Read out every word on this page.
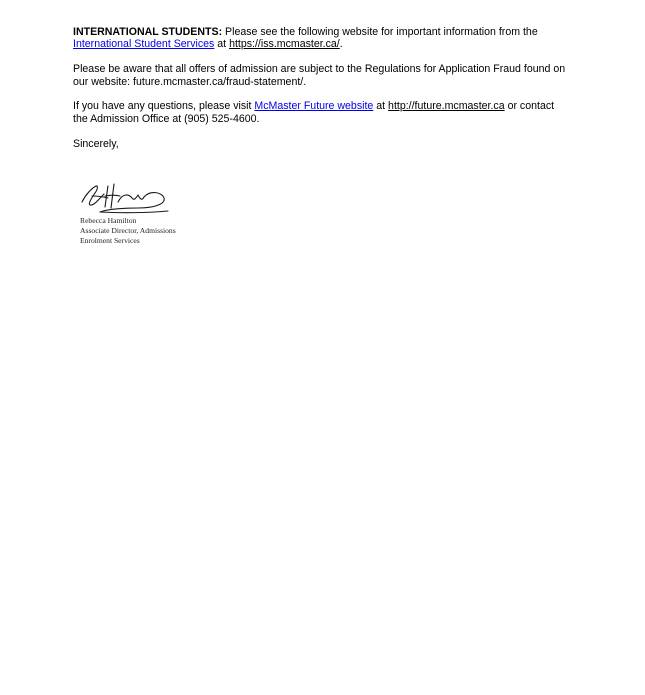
INTERNATIONAL STUDENTS: Please see the following website for important information from the
International Student Services at https://iss.mcmaster.ca/.

Please be aware that all offers of admission are subject to the Regulations for Application Fraud found on
our website: future.mcmaster.ca/fraud-statement/.

If you have any questions, please visit McMaster Future website at http://future.mcmaster.ca or contact
the Admission Office at (905) 525-4600.

Sincerely,

Rebecca Hamilton
Associate Director, Admissions
Enrolment Services
